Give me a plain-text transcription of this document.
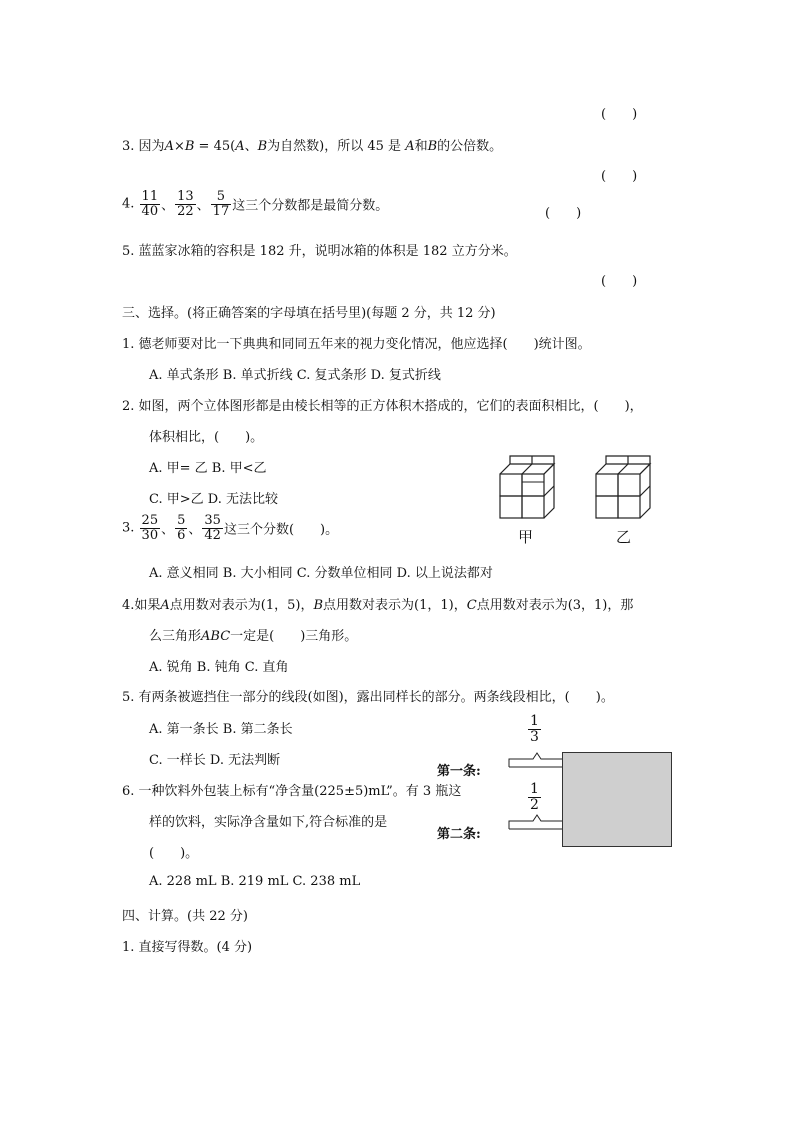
(　　)
3. 因为A×B = 45(A、B为自然数)，所以 45 是 A和B的公倍数。
(　　)
4. $\frac{11}{40}$ 、 $\frac{13}{22}$ 、 $\frac{5}{17}$ 这三个分数都是最简分数。	(　　)
5. 蓝蓝家冰箱的容积是 182 升，说明冰箱的体积是 182 立方分米。
(　　)
三、选择。(将正确答案的字母填在括号里)(每题 2 分，共 12 分)
1. 德老师要对比一下典典和同同五年来的视力变化情况，他应选择(　　)统计图。
A. 单式条形 B. 单式折线 C. 复式条形 D. 复式折线
2. 如图，两个立体图形都是由棱长相等的正方体积木搭成的，它们的表面积相比，(　　)，
体积相比，(　　)。
A. 甲= 乙 B. 甲<乙
C. 甲>乙 D. 无法比较
甲	乙
3. $\frac{25}{30}$ 、 $\frac{5}{6}$ 、 $\frac{35}{42}$ 这三个分数(　　)。
A. 意义相同 B. 大小相同 C. 分数单位相同 D. 以上说法都对
4.如果A点用数对表示为(1，5)，B点用数对表示为(1，1)，C点用数对表示为(3，1)，那
么三角形ABC一定是(　　)三角形。
A. 锐角 B. 钝角 C. 直角
5. 有两条被遮挡住一部分的线段(如图)，露出同样长的部分。两条线段相比，(　　)。
A. 第一条长 B. 第二条长
C. 一样长 D. 无法判断
$\frac{1}{3}$
$\frac{1}{2}$
第一条:
第二条:
6. 一种饮料外包装上标有“净含量(225±5)mL”。有 3 瓶这
样的饮料，实际净含量如下,符合标准的是
(　　)。
A. 228 mL B. 219 mL C. 238 mL
四、计算。(共 22 分)
1. 直接写得数。(4 分)
